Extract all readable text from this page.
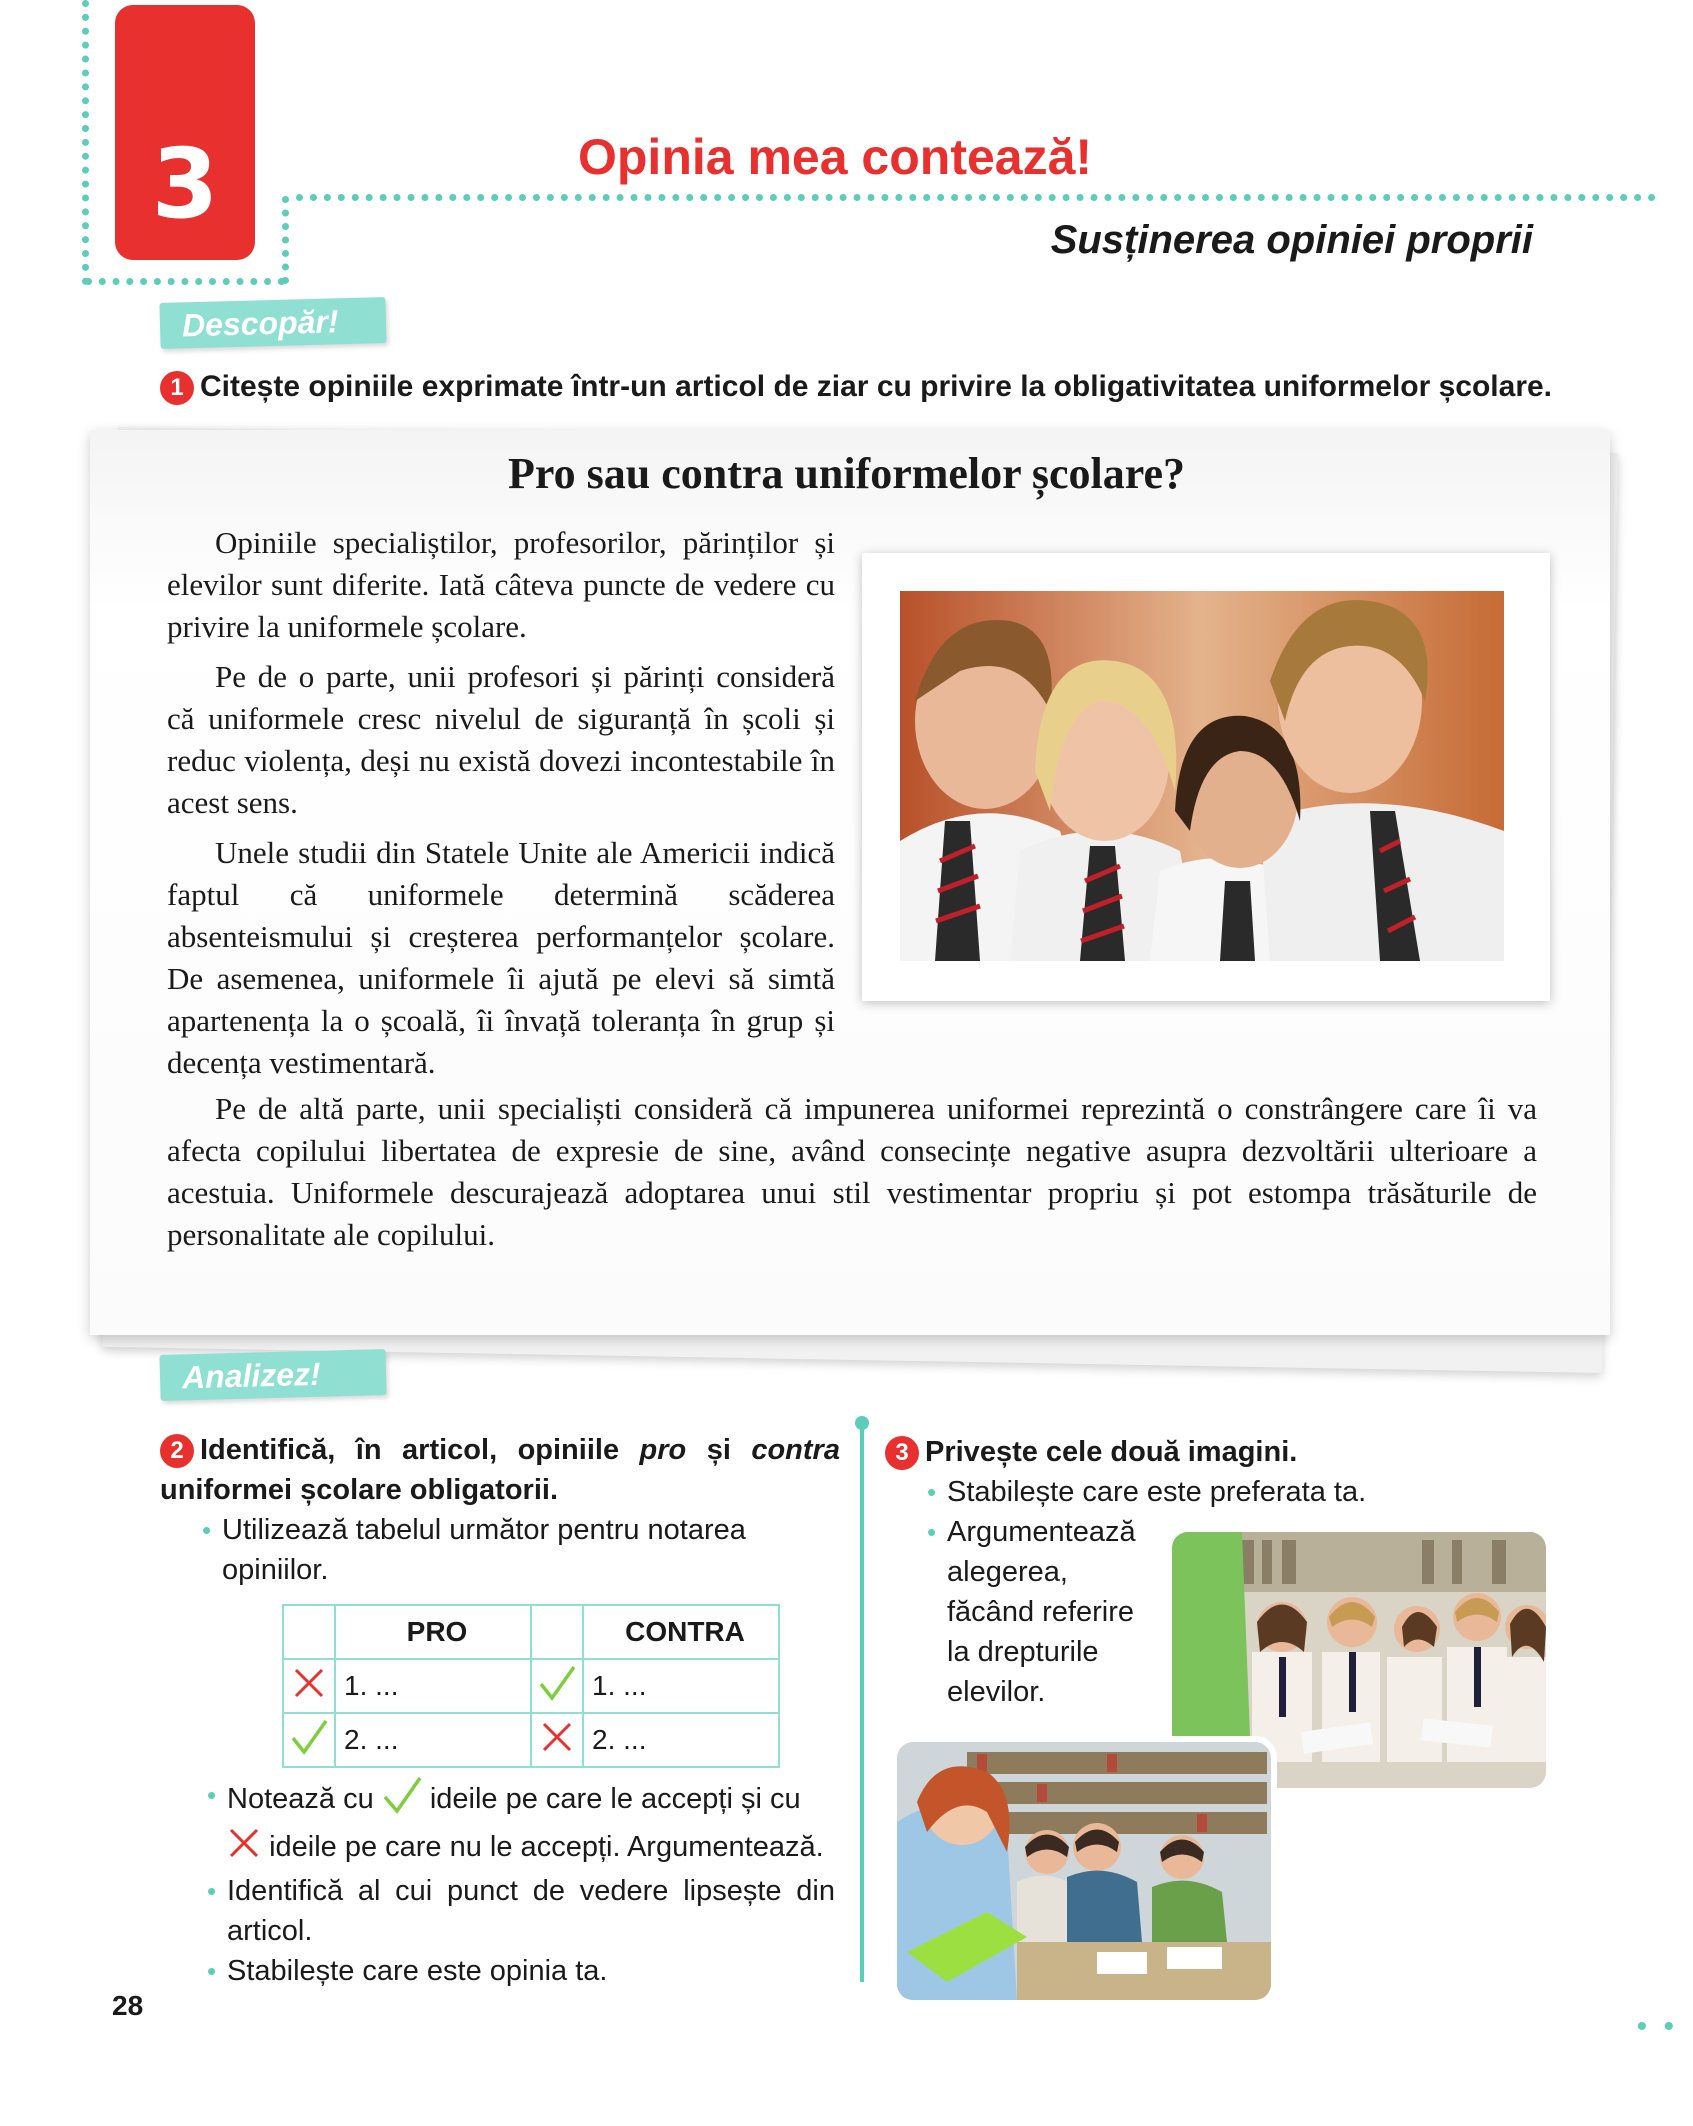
3	Opinia mea contează!
Susținerea opiniei proprii
Descopăr!
1 Citește opiniile exprimate într-un articol de ziar cu privire la obligativitatea uniformelor școlare.
Pro sau contra uniformelor școlare?

Opiniile specialiștilor, profesorilor, părinților și elevilor sunt diferite. Iată câteva puncte de vedere cu privire la uniformele școlare.

Pe de o parte, unii profesori și părinți consideră că uniformele cresc nivelul de siguranță în școli și reduc violența, deși nu există dovezi incontestabile în acest sens.

Unele studii din Statele Unite ale Americii indică faptul că uniformele determină scăderea absenteismului și creșterea performanțelor școlare. De asemenea, uniformele îi ajută pe elevi să simtă apartenența la o școală, îi învață toleranța în grup și decența vestimentară.

Pe de altă parte, unii specialiști consideră că impunerea uniformei reprezintă o constrângere care îi va afecta copilului libertatea de expresie de sine, având consecințe negative asupra dezvoltării ulterioare a acestuia. Uniformele descurajează adoptarea unui stil vestimentar propriu și pot estompa trăsăturile de personalitate ale copilului.

Analizez!
2 Identifică, în articol, opiniile pro și contra uniformei școlare obligatorii.
• Utilizează tabelul următor pentru notarea opiniilor.
	PRO		CONTRA
	1. ...		1. ...
	2. ...		2. ...
• Notează cu ideile pe care le accepți și cu  ideile pe care nu le accepți. Argumentează.
• Identifică al cui punct de vedere lipsește din articol.
• Stabilește care este opinia ta.
3 Privește cele două imagini.
• Stabilește care este preferata ta.
• Argumentează alegerea, făcând referire la drepturile elevilor.
28
• •
